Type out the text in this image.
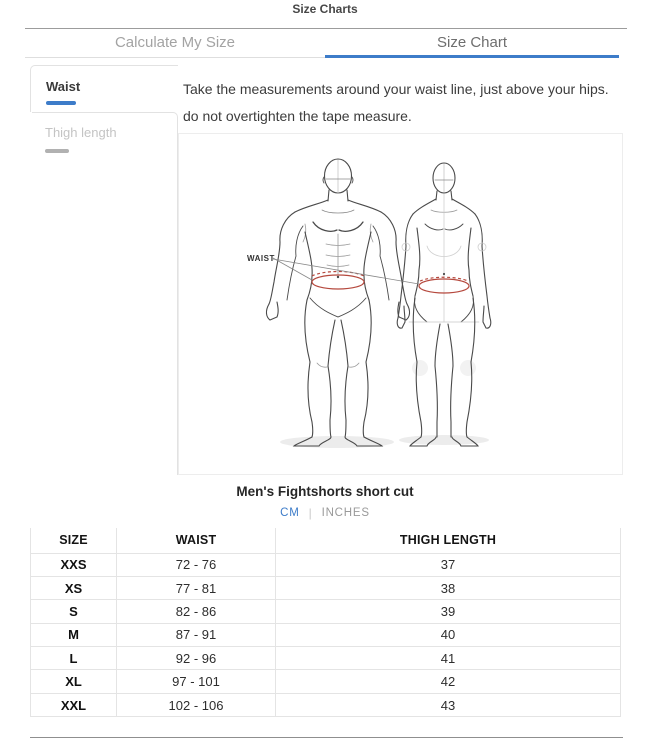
Size Charts
Calculate My Size	Size Chart
Waist
Thigh length
Take the measurements around your waist line, just above your hips. do not overtighten the tape measure.
WAIST
Men's Fightshorts short cut
CM | INCHES
SIZE	WAIST	THIGH LENGTH
XXS	72 - 76	37
XS	77 - 81	38
S	82 - 86	39
M	87 - 91	40
L	92 - 96	41
XL	97 - 101	42
XXL	102 - 106	43
